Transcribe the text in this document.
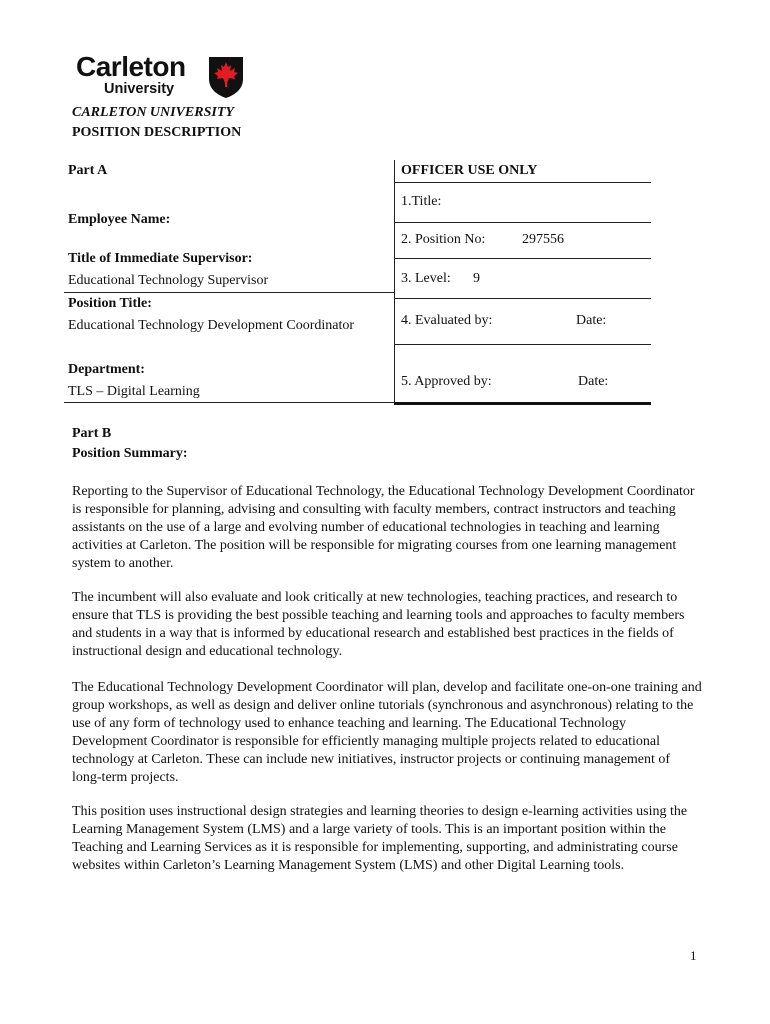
Carleton
University
CARLETON UNIVERSITY
POSITION DESCRIPTION
Part A
Employee Name:
Title of Immediate Supervisor:
Educational Technology Supervisor
Position Title:
Educational Technology Development Coordinator
Department:
TLS – Digital Learning
OFFICER USE ONLY
1.Title:
2. Position No:	297556
3. Level: 9
4. Evaluated by:	Date:
5. Approved by:	Date:
Part B
Position Summary:
Reporting to the Supervisor of Educational Technology, the Educational Technology Development Coordinator is responsible for planning, advising and consulting with faculty members, contract instructors and teaching assistants on the use of a large and evolving number of educational technologies in teaching and learning activities at Carleton. The position will be responsible for migrating courses from one learning management system to another.
The incumbent will also evaluate and look critically at new technologies, teaching practices, and research to ensure that TLS is providing the best possible teaching and learning tools and approaches to faculty members and students in a way that is informed by educational research and established best practices in the fields of instructional design and educational technology.
The Educational Technology Development Coordinator will plan, develop and facilitate one-on-one training and group workshops, as well as design and deliver online tutorials (synchronous and asynchronous) relating to the use of any form of technology used to enhance teaching and learning. The Educational Technology Development Coordinator is responsible for efficiently managing multiple projects related to educational technology at Carleton. These can include new initiatives, instructor projects or continuing management of long-term projects.
This position uses instructional design strategies and learning theories to design e-learning activities using the Learning Management System (LMS) and a large variety of tools. This is an important position within the Teaching and Learning Services as it is responsible for implementing, supporting, and administrating course websites within Carleton’s Learning Management System (LMS) and other Digital Learning tools.
1
